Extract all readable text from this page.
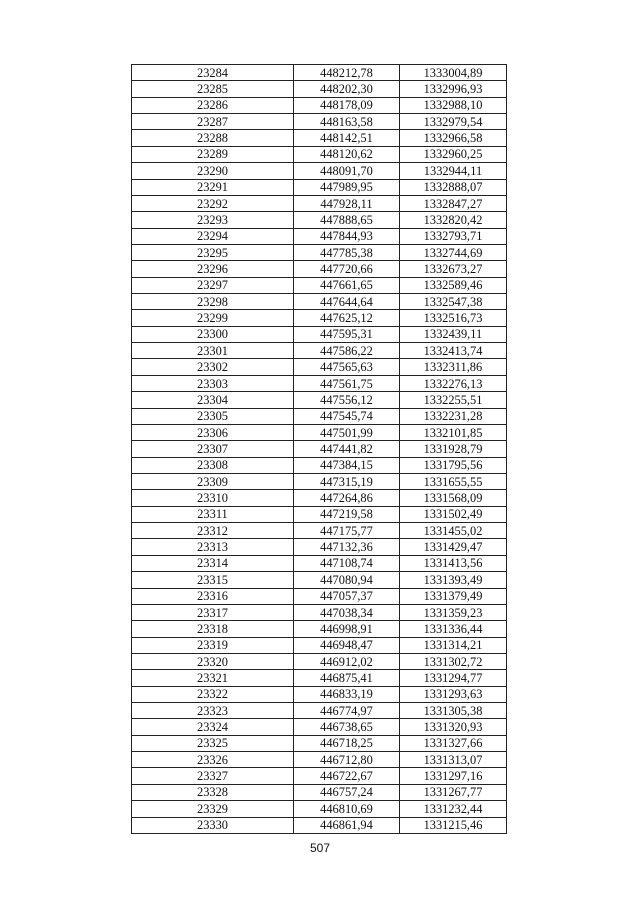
23284	448212,78	1333004,89
23285	448202,30	1332996,93
23286	448178,09	1332988,10
23287	448163,58	1332979,54
23288	448142,51	1332966,58
23289	448120,62	1332960,25
23290	448091,70	1332944,11
23291	447989,95	1332888,07
23292	447928,11	1332847,27
23293	447888,65	1332820,42
23294	447844,93	1332793,71
23295	447785,38	1332744,69
23296	447720,66	1332673,27
23297	447661,65	1332589,46
23298	447644,64	1332547,38
23299	447625,12	1332516,73
23300	447595,31	1332439,11
23301	447586,22	1332413,74
23302	447565,63	1332311,86
23303	447561,75	1332276,13
23304	447556,12	1332255,51
23305	447545,74	1332231,28
23306	447501,99	1332101,85
23307	447441,82	1331928,79
23308	447384,15	1331795,56
23309	447315,19	1331655,55
23310	447264,86	1331568,09
23311	447219,58	1331502,49
23312	447175,77	1331455,02
23313	447132,36	1331429,47
23314	447108,74	1331413,56
23315	447080,94	1331393,49
23316	447057,37	1331379,49
23317	447038,34	1331359,23
23318	446998,91	1331336,44
23319	446948,47	1331314,21
23320	446912,02	1331302,72
23321	446875,41	1331294,77
23322	446833,19	1331293,63
23323	446774,97	1331305,38
23324	446738,65	1331320,93
23325	446718,25	1331327,66
23326	446712,80	1331313,07
23327	446722,67	1331297,16
23328	446757,24	1331267,77
23329	446810,69	1331232,44
23330	446861,94	1331215,46
507
